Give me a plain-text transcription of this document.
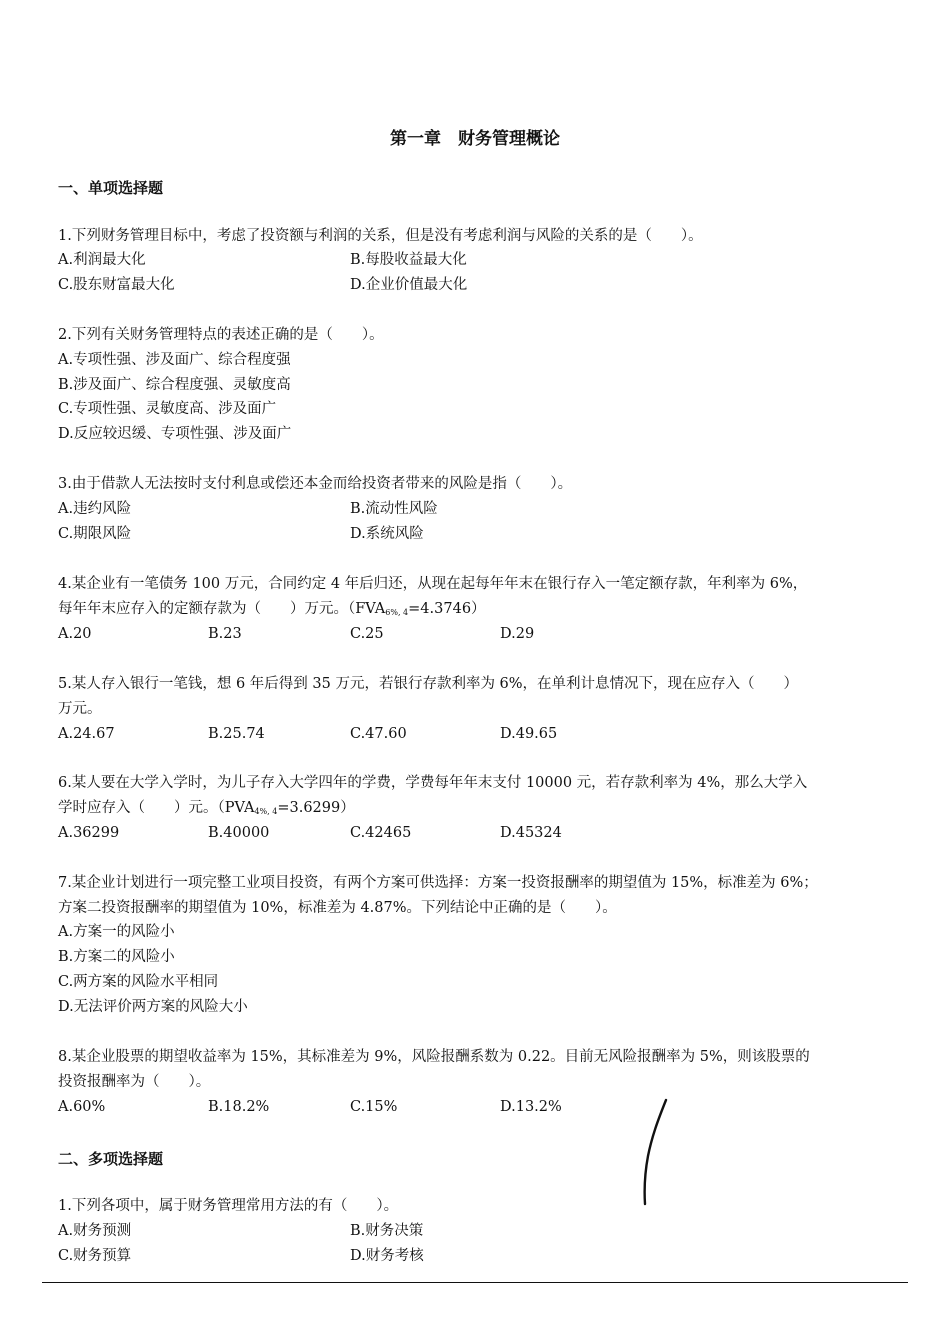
第一章　财务管理概论
一、单项选择题
1.下列财务管理目标中，考虑了投资额与利润的关系，但是没有考虑利润与风险的关系的是（　　）。
A.利润最大化	B.每股收益最大化
C.股东财富最大化	D.企业价值最大化
2.下列有关财务管理特点的表述正确的是（　　）。
A.专项性强、涉及面广、综合程度强
B.涉及面广、综合程度强、灵敏度高
C.专项性强、灵敏度高、涉及面广
D.反应较迟缓、专项性强、涉及面广
3.由于借款人无法按时支付利息或偿还本金而给投资者带来的风险是指（　　）。
A.违约风险	B.流动性风险
C.期限风险	D.系统风险
4.某企业有一笔债务 100 万元，合同约定 4 年后归还，从现在起每年年末在银行存入一笔定额存款，年利率为 6%，
每年年末应存入的定额存款为（　　）万元。$(FVA_{6\%, 4}=4.3746)$
A.20	B.23	C.25	D.29
5.某人存入银行一笔钱，想 6 年后得到 35 万元，若银行存款利率为 6%，在单利计息情况下，现在应存入（　　）
万元。
A.24.67	B.25.74	C.47.60	D.49.65
6.某人要在大学入学时，为儿子存入大学四年的学费，学费每年年末支付 10000 元，若存款利率为 4%，那么大学入
学时应存入（　　）元。$(PVA_{4\%, 4}=3.6299)$
A.36299	B.40000	C.42465	D.45324
7.某企业计划进行一项完整工业项目投资，有两个方案可供选择：方案一投资报酬率的期望值为 15%，标准差为 6%；
方案二投资报酬率的期望值为 10%，标准差为 4.87%。下列结论中正确的是（　　）。
A.方案一的风险小
B.方案二的风险小
C.两方案的风险水平相同
D.无法评价两方案的风险大小
8.某企业股票的期望收益率为 15%，其标准差为 9%，风险报酬系数为 0.22。目前无风险报酬率为 5%，则该股票的
投资报酬率为（　　）。
A.60%	B.18.2%	C.15%	D.13.2%
二、多项选择题
1.下列各项中，属于财务管理常用方法的有（　　）。
A.财务预测	B.财务决策
C.财务预算	D.财务考核
